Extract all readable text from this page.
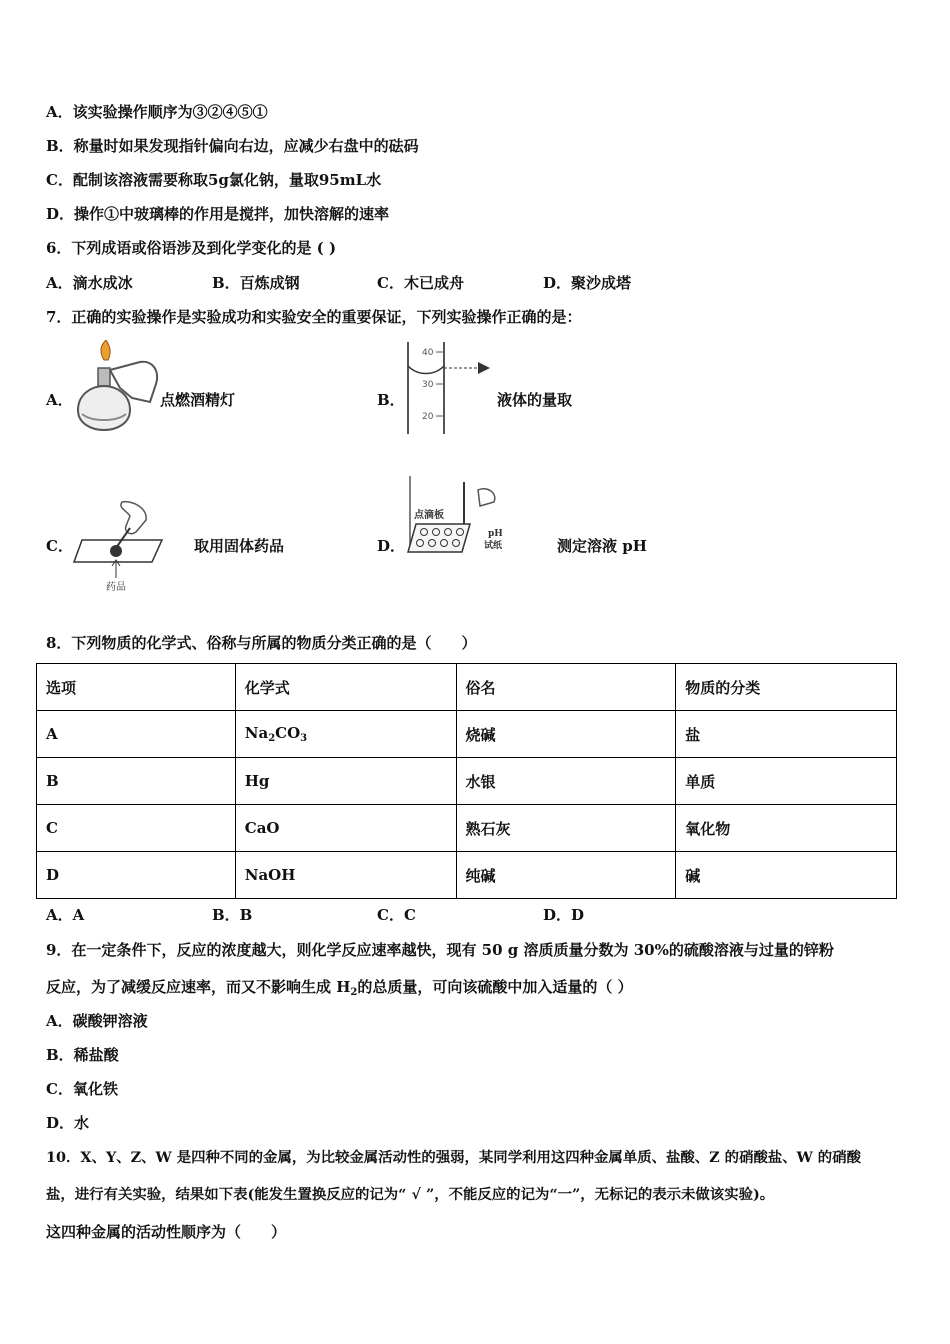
A．该实验操作顺序为③②④⑤①
B．称量时如果发现指针偏向右边，应减少右盘中的砝码
C．配制该溶液需要称取5g氯化钠，量取95mL水
D．操作①中玻璃棒的作用是搅拌，加快溶解的速率
6．下列成语或俗语涉及到化学变化的是 ( )
A．滴水成冰	B．百炼成钢	C．木已成舟	D．聚沙成塔
7．正确的实验操作是实验成功和实验安全的重要保证，下列实验操作正确的是：
A．	点燃酒精灯	B．
40
30
20
液体的量取
C．
药品
取用固体药品	D．
点滴板
pH
试纸	测定溶液 pH
8．下列物质的化学式、俗称与所属的物质分类正确的是（　　）
选项	化学式	俗名	物质的分类
A	$Na_2CO_3$	烧碱	盐
B	Hg	水银	单质
C	CaO	熟石灰	氧化物
D	NaOH	纯碱	碱
A．A	B．B	C．C	D．D
9．在一定条件下，反应的浓度越大，则化学反应速率越快，现有 50 g 溶质质量分数为 30%的硫酸溶液与过量的锌粉
反应，为了减缓反应速率，而又不影响生成 $H_2$的总质量，可向该硫酸中加入适量的（ ）
A．碳酸钾溶液
B．稀盐酸
C．氧化铁
D．水
10．X、Y、Z、W 是四种不同的金属，为比较金属活动性的强弱，某同学利用这四种金属单质、盐酸、Z 的硝酸盐、W 的硝酸
盐，进行有关实验，结果如下表(能发生置换反应的记为“ √ ”，不能反应的记为“一”，无标记的表示未做该实验)。
这四种金属的活动性顺序为（　　）
